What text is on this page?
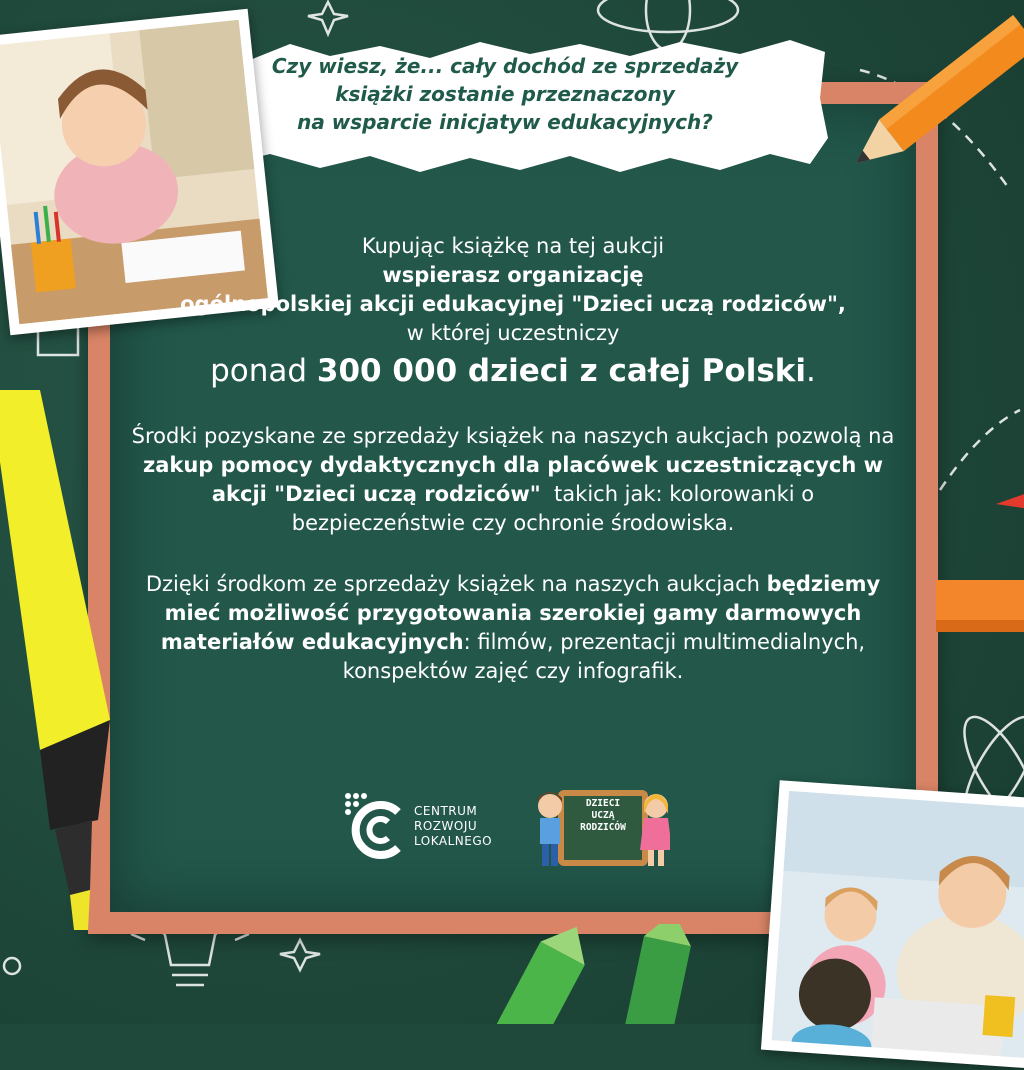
Czy wiesz, że... cały dochód ze sprzedaży
książki zostanie przeznaczony
na wsparcie inicjatyw edukacyjnych?
Kupując książkę na tej aukcji
wspierasz organizację
ogólnopolskiej akcji edukacyjnej "Dzieci uczą rodziców",
w której uczestniczy
ponad 300 000 dzieci z całej Polski.
Środki pozyskane ze sprzedaży książek na naszych aukcjach pozwolą na zakup pomocy dydaktycznych dla placówek uczestniczących w akcji "Dzieci uczą rodziców"  takich jak: kolorowanki o bezpieczeństwie czy ochronie środowiska.
Dzięki środkom ze sprzedaży książek na naszych aukcjach będziemy mieć możliwość przygotowania szerokiej gamy darmowych materiałów edukacyjnych: filmów, prezentacji multimedialnych, konspektów zajęć czy infografik.
CENTRUM
ROZWOJU
LOKALNEGO
DZIECI
UCZĄ
RODZICÓW
